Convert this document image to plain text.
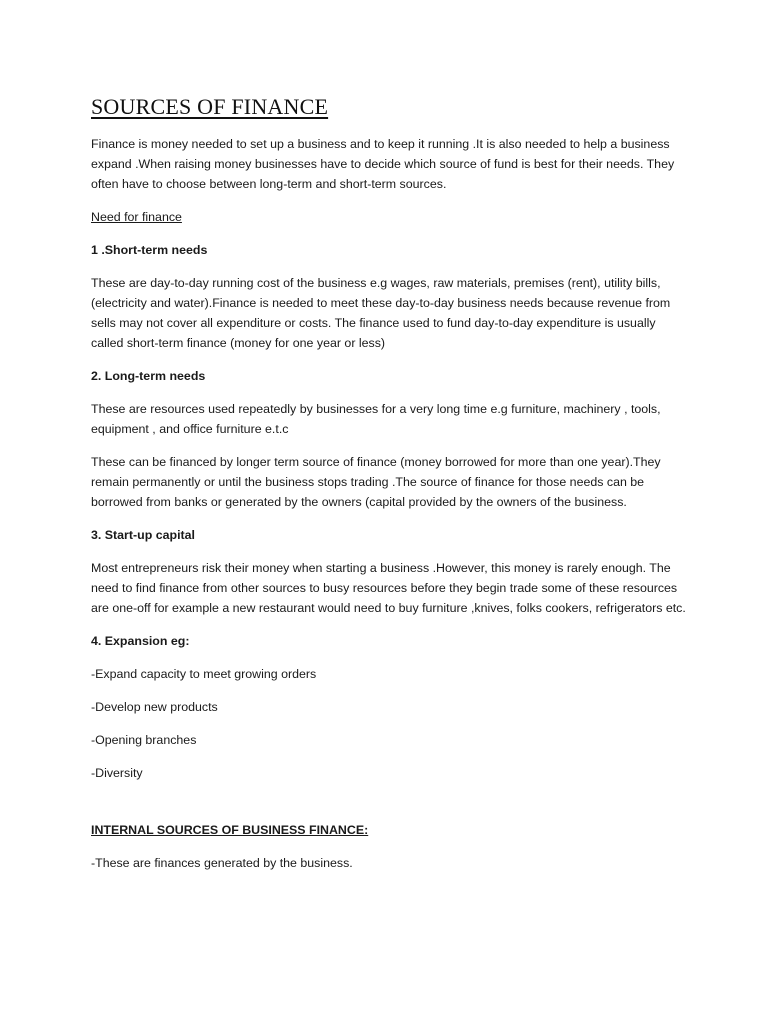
SOURCES OF FINANCE

Finance is money needed to set up a business and to keep it running .It is also needed to help a business expand .When raising money businesses have to decide which source of fund is best for their needs. They often have to choose between long-term and short-term sources.

Need for finance

1 .Short-term needs

These are day-to-day running cost of the business e.g wages, raw materials, premises (rent), utility bills, (electricity and water).Finance is needed to meet these day-to-day business needs because revenue from sells may not cover all expenditure or costs. The finance used to fund day-to-day expenditure is usually called short-term finance (money for one year or less)

2. Long-term needs

These are resources used repeatedly by businesses for a very long time e.g furniture, machinery , tools, equipment , and office furniture e.t.c

These can be financed by longer term source of finance (money borrowed for more than one year).They remain permanently or until the business stops trading .The source of finance for those needs can be borrowed from banks or generated by the owners (capital provided by the owners of the business.

3. Start-up capital

Most entrepreneurs risk their money when starting a business .However, this money is rarely enough. The need to find finance from other sources to busy resources before they begin trade some of these resources are one-off for example a new restaurant would need to buy furniture ,knives, folks cookers, refrigerators etc.

4. Expansion eg:

-Expand capacity to meet growing orders

-Develop new products

-Opening branches

-Diversity

INTERNAL SOURCES OF BUSINESS FINANCE:

-These are finances generated by the business.
